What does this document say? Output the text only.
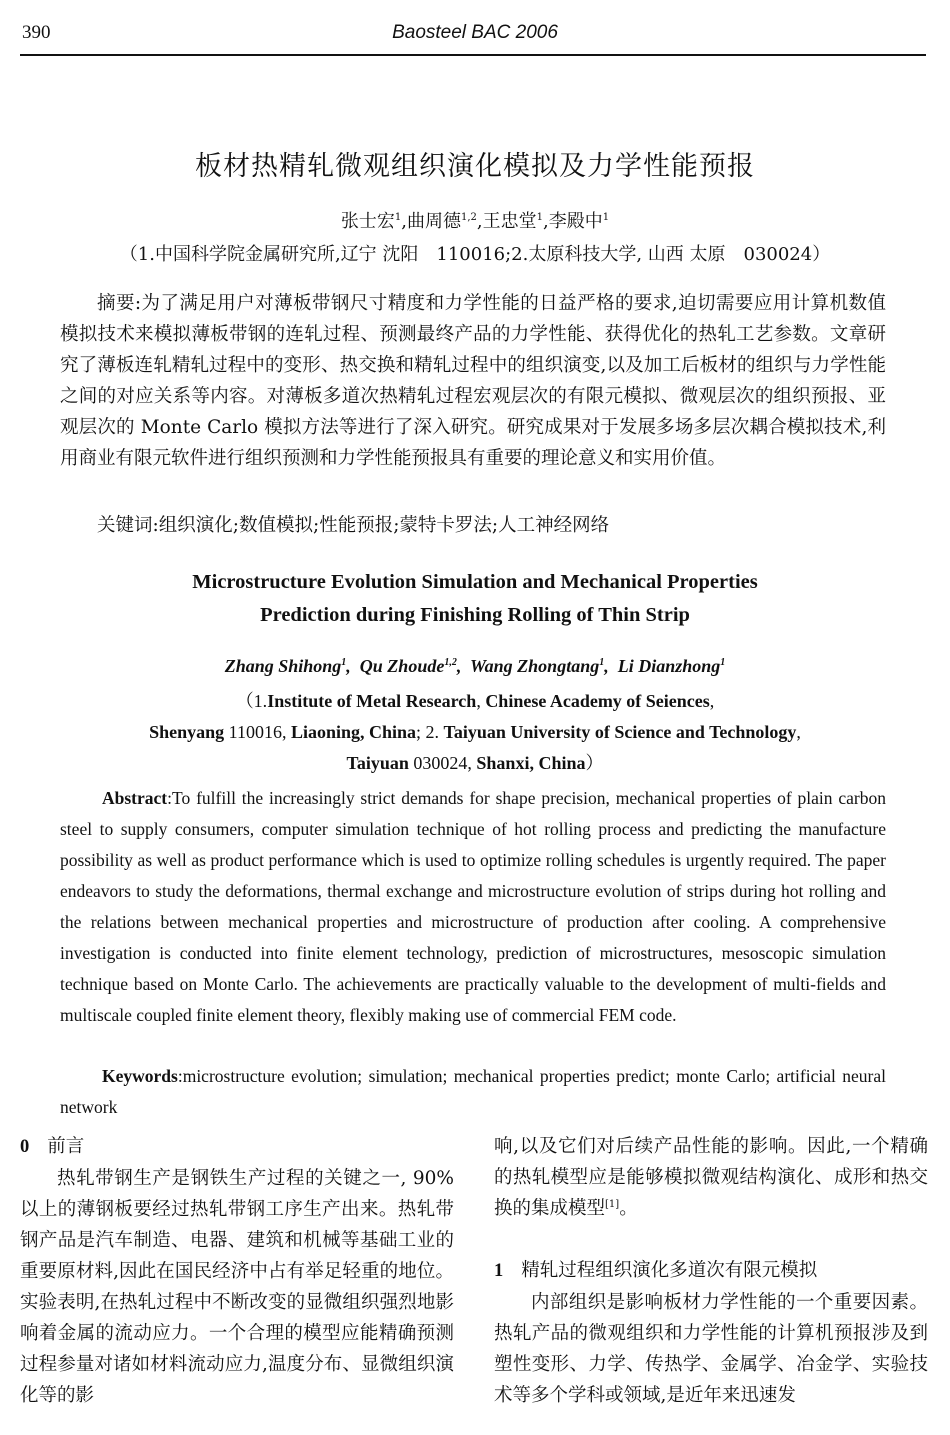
390	Baosteel BAC 2006
板材热精轧微观组织演化模拟及力学性能预报
张士宏$^1$,曲周德$^{1,2}$,王忠堂$^1$,李殿中$^1$
（1.中国科学院金属研究所,辽宁 沈阳　110016;2.太原科技大学, 山西 太原　030024）

摘要:为了满足用户对薄板带钢尺寸精度和力学性能的日益严格的要求,迫切需要应用计算机数值模拟技术来模拟薄板带钢的连轧过程、预测最终产品的力学性能、获得优化的热轧工艺参数。文章研究了薄板连轧精轧过程中的变形、热交换和精轧过程中的组织演变,以及加工后板材的组织与力学性能之间的对应关系等内容。对薄板多道次热精轧过程宏观层次的有限元模拟、微观层次的组织预报、亚观层次的 Monte Carlo 模拟方法等进行了深入研究。研究成果对于发展多场多层次耦合模拟技术,利用商业有限元软件进行组织预测和力学性能预报具有重要的理论意义和实用价值。

关键词:组织演化;数值模拟;性能预报;蒙特卡罗法;人工神经网络

Microstructure Evolution Simulation and Mechanical Properties
Prediction during Finishing Rolling of Thin Strip
Zhang Shihong$^1$,  Qu Zhoude$^{1,2}$,  Wang Zhongtang$^1$,  Li Dianzhong$^1$
（1.Institute of Metal Research, Chinese Academy of Seiences,
Shenyang 110016, Liaoning, China; 2. Taiyuan University of Science and Technology,
Taiyuan 030024, Shanxi, China）

Abstract:To fulfill the increasingly strict demands for shape precision, mechanical properties of plain carbon steel to supply consumers, computer simulation technique of hot rolling process and predicting the manufacture possibility as well as product performance which is used to optimize rolling schedules is urgently required. The paper endeavors to study the deformations, thermal exchange and microstructure evolution of strips during hot rolling and the relations between mechanical properties and microstructure of production after cooling. A comprehensive investigation is conducted into finite element technology, prediction of microstructures, mesoscopic simulation technique based on Monte Carlo. The achievements are practically valuable to the development of multi-fields and multiscale coupled finite element theory, flexibly making use of commercial FEM code.

Keywords:microstructure evolution; simulation; mechanical properties predict; monte Carlo; artificial neural network

0 前言

热轧带钢生产是钢铁生产过程的关键之一, 90%以上的薄钢板要经过热轧带钢工序生产出来。热轧带钢产品是汽车制造、电器、建筑和机械等基础工业的重要原材料,因此在国民经济中占有举足轻重的地位。实验表明,在热轧过程中不断改变的显微组织强烈地影响着金属的流动应力。一个合理的模型应能精确预测过程参量对诸如材料流动应力,温度分布、显微组织演化等的影

响,以及它们对后续产品性能的影响。因此,一个精确的热轧模型应是能够模拟微观结构演化、成形和热交换的集成模型[1]。
1 精轧过程组织演化多道次有限元模拟

内部组织是影响板材力学性能的一个重要因素。热轧产品的微观组织和力学性能的计算机预报涉及到塑性变形、力学、传热学、金属学、冶金学、实验技术等多个学科或领域,是近年来迅速发
